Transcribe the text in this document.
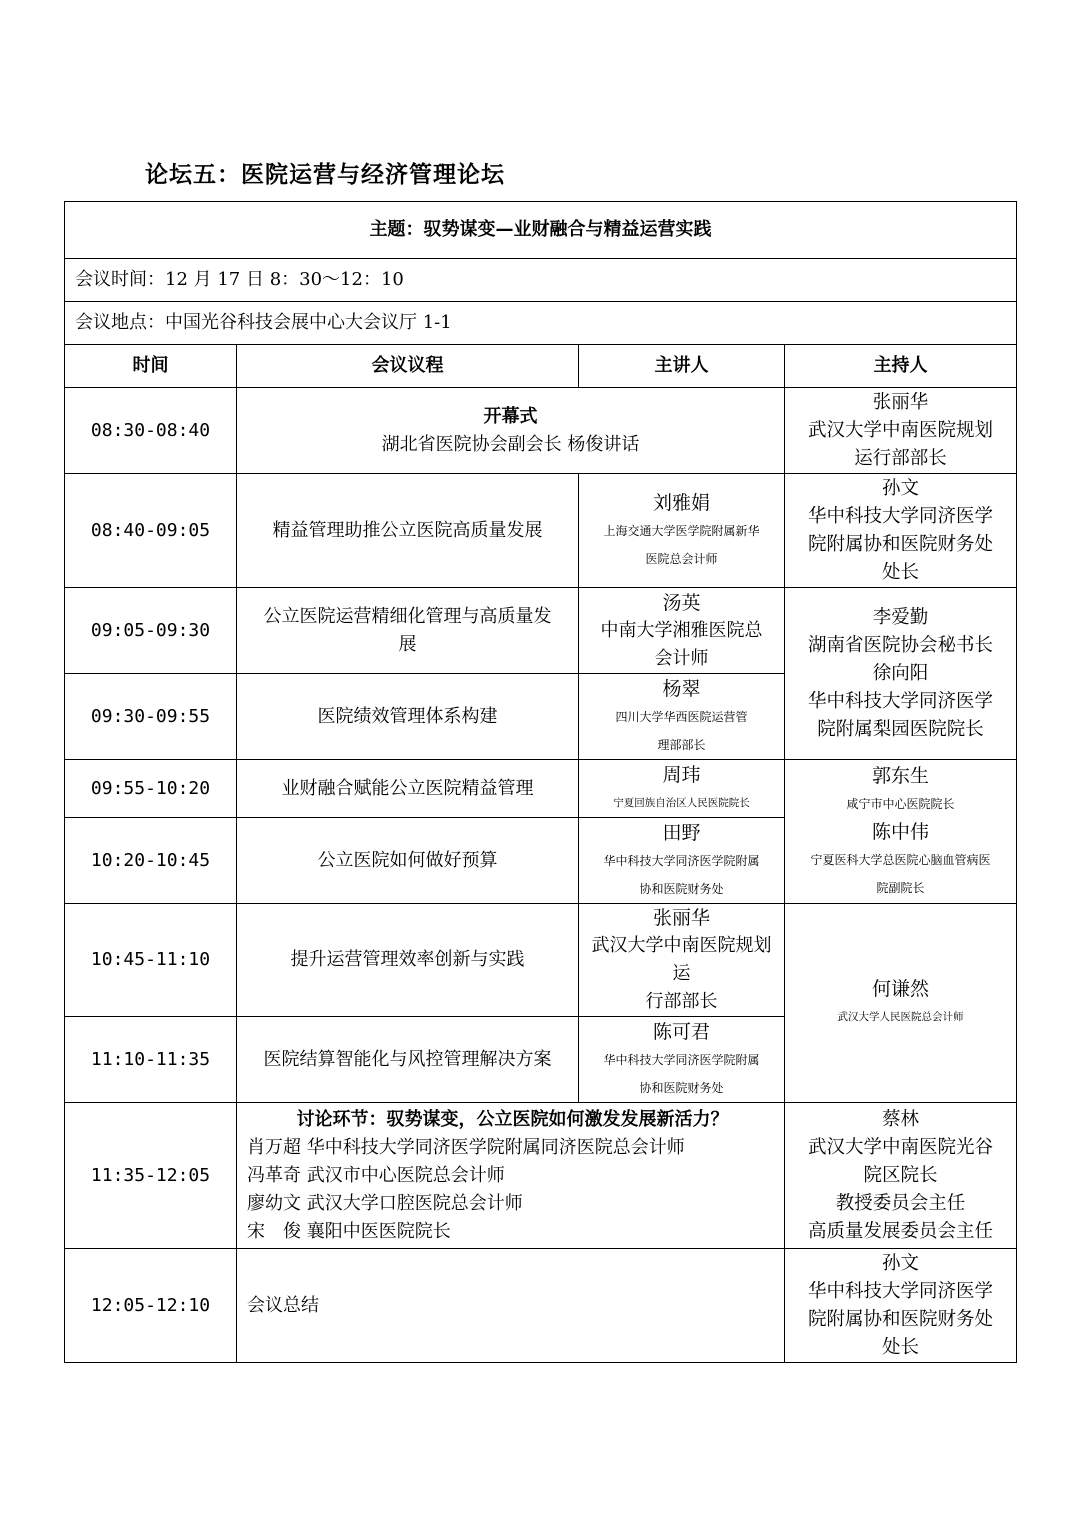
论坛五：医院运营与经济管理论坛
主题：驭势谋变—业财融合与精益运营实践			
会议时间：12 月 17 日 8：30～12：10			
会议地点：中国光谷科技会展中心大会议厅 1-1			
时间	会议议程	主讲人	主持人
08:30-08:40	开幕式
湖北省医院协会副会长 杨俊讲话		张丽华
武汉大学中南医院规划
运行部部长

08:40-09:05	精益管理助推公立医院高质量发展	刘雅娟
上海交通大学医学院附属新华
医院总会计师	孙文
华中科技大学同济医学
院附属协和医院财务处
处长

09:05-09:30	公立医院运营精细化管理与高质量发
展	汤英
中南大学湘雅医院总
会计师	李爱勤
湖南省医院协会秘书长
徐向阳
华中科技大学同济医学
院附属梨园医院院长

09:30-09:55	医院绩效管理体系构建	杨翠
四川大学华西医院运营管
理部部长	

09:55-10:20	业财融合赋能公立医院精益管理	周玮
宁夏回族自治区人民医院院长	郭东生
咸宁市中心医院院长
陈中伟
宁夏医科大学总医院心脑血管病医
院副院长

10:20-10:45	公立医院如何做好预算	田野
华中科技大学同济医学院附属
协和医院财务处	

10:45-11:10	提升运营管理效率创新与实践	张丽华
武汉大学中南医院规划运
行部部长	何谦然
武汉大学人民医院总会计师

11:10-11:35	医院结算智能化与风控管理解决方案	陈可君
华中科技大学同济医学院附属
协和医院财务处	

11:35-12:05	讨论环节：驭势谋变，公立医院如何激发发展新活力？
肖万超 华中科技大学同济医学院附属同济医院总会计师
冯革奇 武汉市中心医院总会计师
廖幼文 武汉大学口腔医院总会计师
宋　俊 襄阳中医医院院长		蔡林
武汉大学中南医院光谷
院区院长
教授委员会主任
高质量发展委员会主任

12:05-12:10	会议总结		孙文
华中科技大学同济医学
院附属协和医院财务处
处长
